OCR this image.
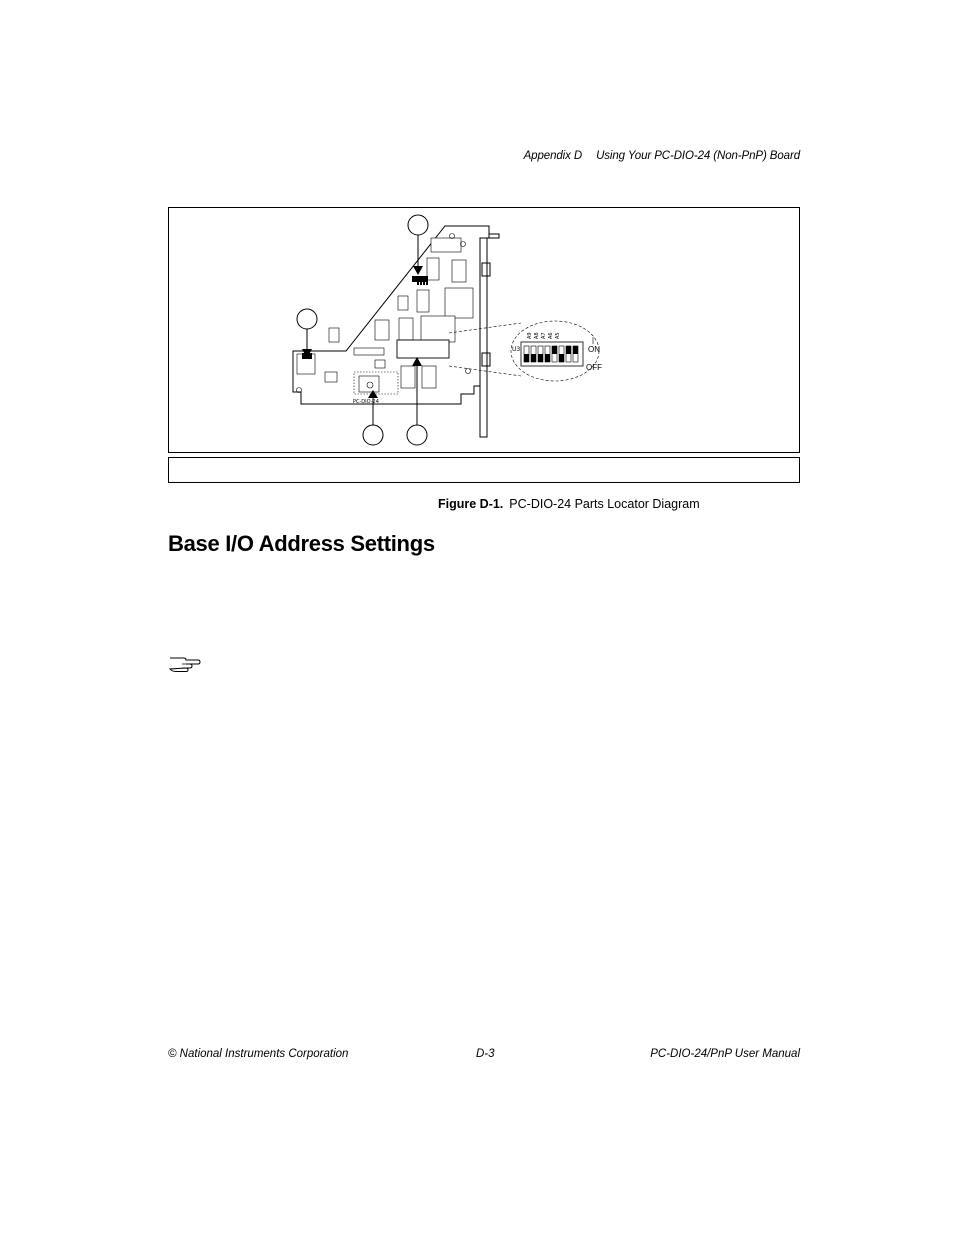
Appendix D Using Your PC-DIO-24 (Non-PnP) Board
PC-DIO-24
U3	ON
OFF
A9 A8 A7 A6 A5
Figure D-1. PC-DIO-24 Parts Locator Diagram
Base I/O Address Settings
© National Instruments Corporation	D-3	PC-DIO-24/PnP User Manual
